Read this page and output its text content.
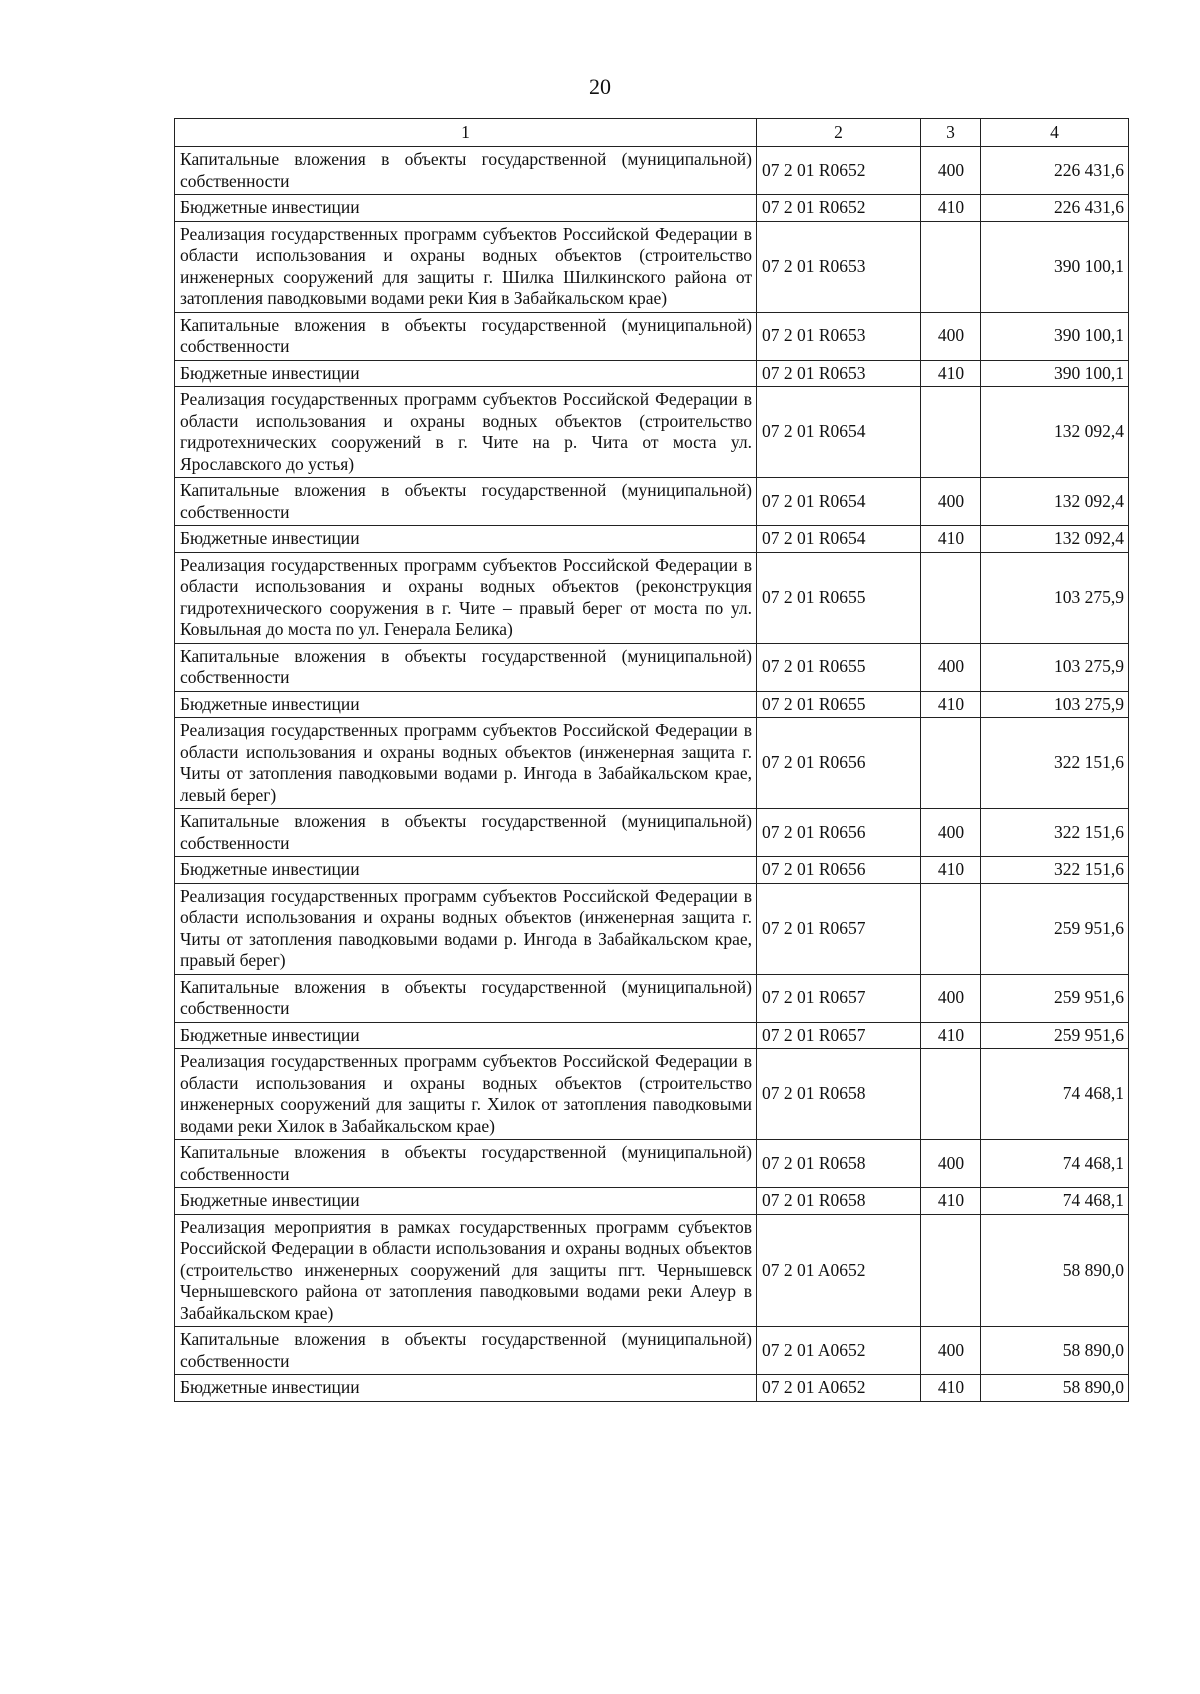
20
1	2	3	4
Капитальные вложения в объекты государственной (муниципальной) собственности	07 2 01 R0652	400	226 431,6
Бюджетные инвестиции	07 2 01 R0652	410	226 431,6
Реализация государственных программ субъектов Российской Федерации в области использования и охраны водных объектов (строительство инженерных сооружений для защиты г. Шилка Шилкинского района от затопления паводковыми водами реки Кия в Забайкальском крае)	07 2 01 R0653		390 100,1
Капитальные вложения в объекты государственной (муниципальной) собственности	07 2 01 R0653	400	390 100,1
Бюджетные инвестиции	07 2 01 R0653	410	390 100,1
Реализация государственных программ субъектов Российской Федерации в области использования и охраны водных объектов (строительство гидротехнических сооружений в г. Чите на р. Чита от моста ул. Ярославского до устья)	07 2 01 R0654		132 092,4
Капитальные вложения в объекты государственной (муниципальной) собственности	07 2 01 R0654	400	132 092,4
Бюджетные инвестиции	07 2 01 R0654	410	132 092,4
Реализация государственных программ субъектов Российской Федерации в области использования и охраны водных объектов (реконструкция гидротехнического сооружения в г. Чите – правый берег от моста по ул. Ковыльная до моста по ул. Генерала Белика)	07 2 01 R0655		103 275,9
Капитальные вложения в объекты государственной (муниципальной) собственности	07 2 01 R0655	400	103 275,9
Бюджетные инвестиции	07 2 01 R0655	410	103 275,9
Реализация государственных программ субъектов Российской Федерации в области использования и охраны водных объектов (инженерная защита г. Читы от затопления паводковыми водами р. Ингода в Забайкальском крае, левый берег)	07 2 01 R0656		322 151,6
Капитальные вложения в объекты государственной (муниципальной) собственности	07 2 01 R0656	400	322 151,6
Бюджетные инвестиции	07 2 01 R0656	410	322 151,6
Реализация государственных программ субъектов Российской Федерации в области использования и охраны водных объектов (инженерная защита г. Читы от затопления паводковыми водами р. Ингода в Забайкальском крае, правый берег)	07 2 01 R0657		259 951,6
Капитальные вложения в объекты государственной (муниципальной) собственности	07 2 01 R0657	400	259 951,6
Бюджетные инвестиции	07 2 01 R0657	410	259 951,6
Реализация государственных программ субъектов Российской Федерации в области использования и охраны водных объектов (строительство инженерных сооружений для защиты г. Хилок от затопления паводковыми водами реки Хилок в Забайкальском крае)	07 2 01 R0658		74 468,1
Капитальные вложения в объекты государственной (муниципальной) собственности	07 2 01 R0658	400	74 468,1
Бюджетные инвестиции	07 2 01 R0658	410	74 468,1
Реализация мероприятия в рамках государственных программ субъектов Российской Федерации в области использования и охраны водных объектов (строительство инженерных сооружений для защиты пгт. Чернышевск Чернышевского района от затопления паводковыми водами реки Алеур в Забайкальском крае)	07 2 01 A0652		58 890,0
Капитальные вложения в объекты государственной (муниципальной) собственности	07 2 01 A0652	400	58 890,0
Бюджетные инвестиции	07 2 01 A0652	410	58 890,0
